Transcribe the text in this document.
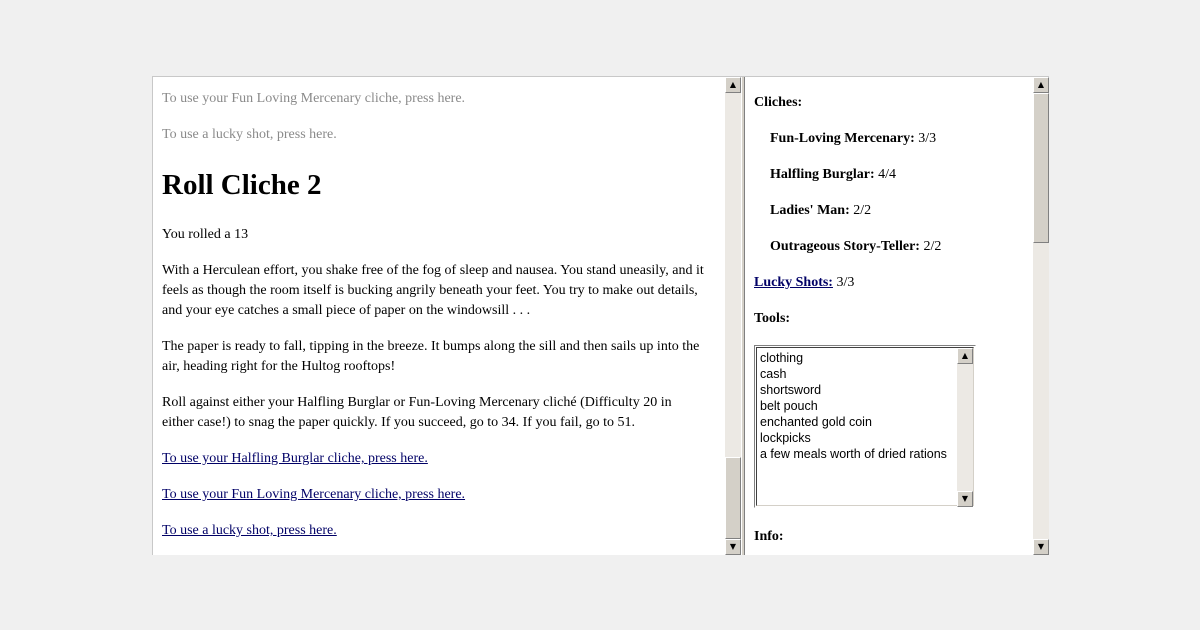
To use your Fun Loving Mercenary cliche, press here.

To use a lucky shot, press here.

Roll Cliche 2

You rolled a 13

With a Herculean effort, you shake free of the fog of sleep and nausea. You stand uneasily, and it feels as though the room itself is bucking angrily beneath your feet. You try to make out details, and your eye catches a small piece of paper on the windowsill . . .

The paper is ready to fall, tipping in the breeze. It bumps along the sill and then sails up into the air, heading right for the Hultog rooftops!

Roll against either your Halfling Burglar or Fun-Loving Mercenary cliché (Difficulty 20 in either case!) to snag the paper quickly. If you succeed, go to 34. If you fail, go to 51.

To use your Halfling Burglar cliche, press here.

To use your Fun Loving Mercenary cliche, press here.

To use a lucky shot, press here.

▲
▼
Cliches:
Fun-Loving Mercenary: 3/3
Halfling Burglar: 4/4
Ladies' Man: 2/2
Outrageous Story-Teller: 2/2
Lucky Shots: 3/3
Tools:
Info:
clothing
cash
shortsword
belt pouch
enchanted gold coin
lockpicks
a few meals worth of dried rations
▲
▼
▲
▼
